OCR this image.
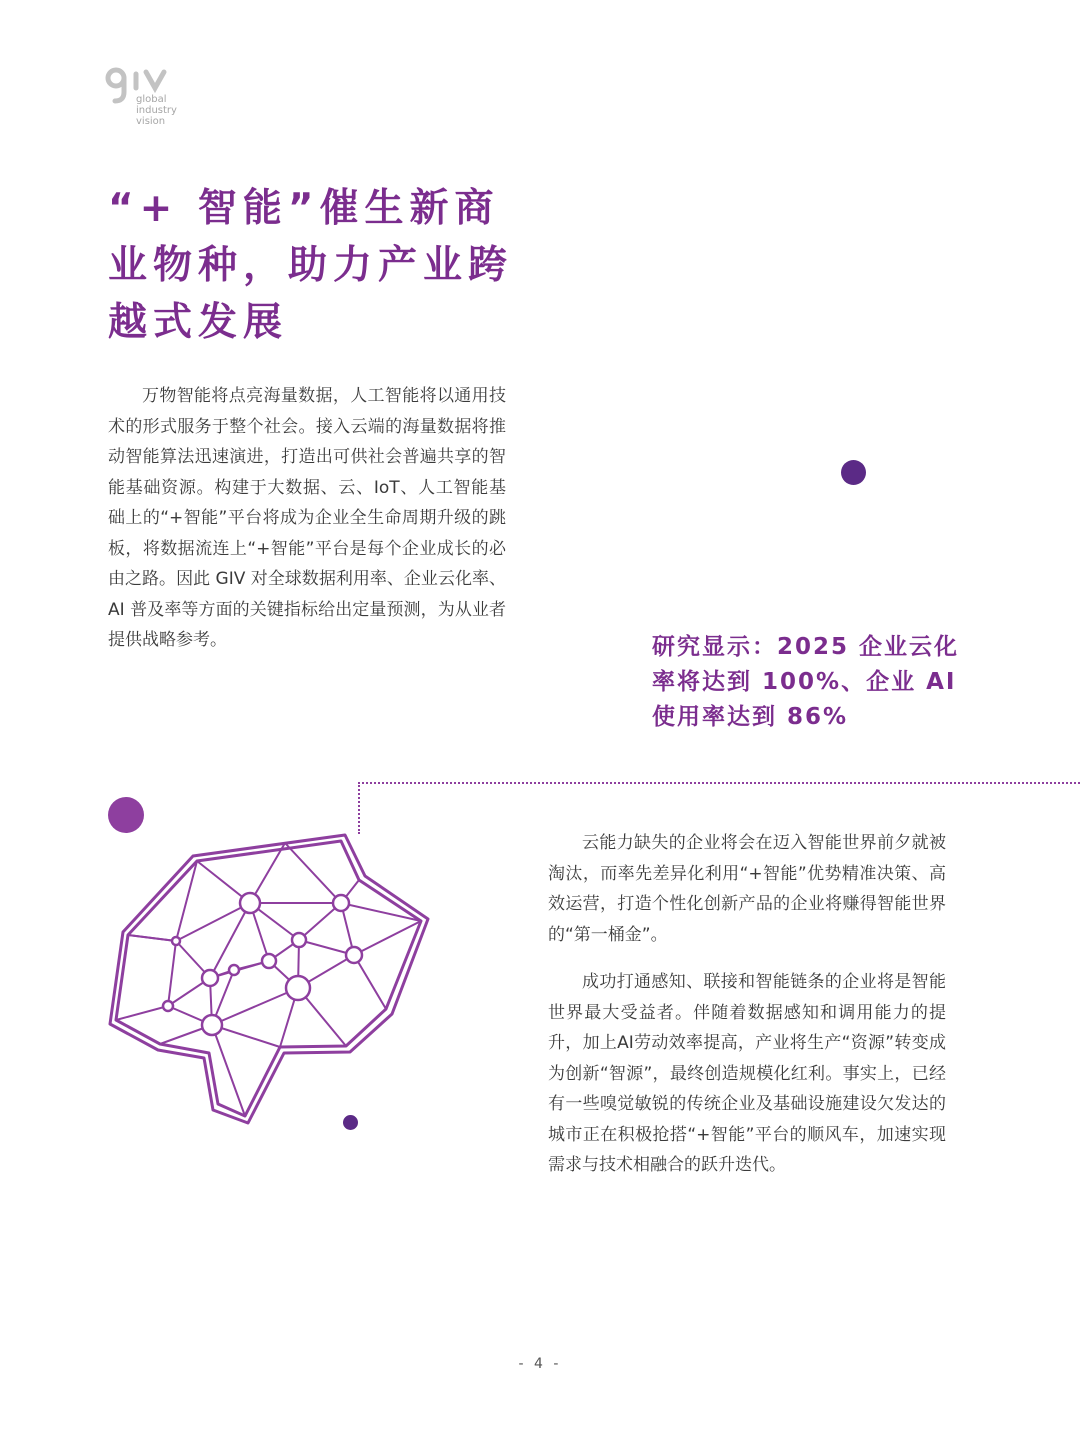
global
industry
vision
“+ 智能”催生新商业物种，助力产业跨越式发展

万物智能将点亮海量数据，人工智能将以通用技术的形式服务于整个社会。接入云端的海量数据将推动智能算法迅速演进，打造出可供社会普遍共享的智能基础资源。构建于大数据、云、IoT、人工智能基础上的“+智能”平台将成为企业全生命周期升级的跳板，将数据流连上“+智能”平台是每个企业成长的必由之路。因此 GIV 对全球数据利用率、企业云化率、AI 普及率等方面的关键指标给出定量预测，为从业者提供战略参考。	研究显示：2025 企业云化率将达到 100%、企业 AI 使用率达到 86%

云能力缺失的企业将会在迈入智能世界前夕就被淘汰，而率先差异化利用“+智能”优势精准决策、高效运营，打造个性化创新产品的企业将赚得智能世界的“第一桶金”。

成功打通感知、联接和智能链条的企业将是智能世界最大受益者。伴随着数据感知和调用能力的提升，加上AI劳动效率提高，产业将生产“资源”转变成为创新“智源”，最终创造规模化红利。事实上，已经有一些嗅觉敏锐的传统企业及基础设施建设欠发达的城市正在积极抢搭“+智能”平台的顺风车，加速实现需求与技术相融合的跃升迭代。

- 4 -
